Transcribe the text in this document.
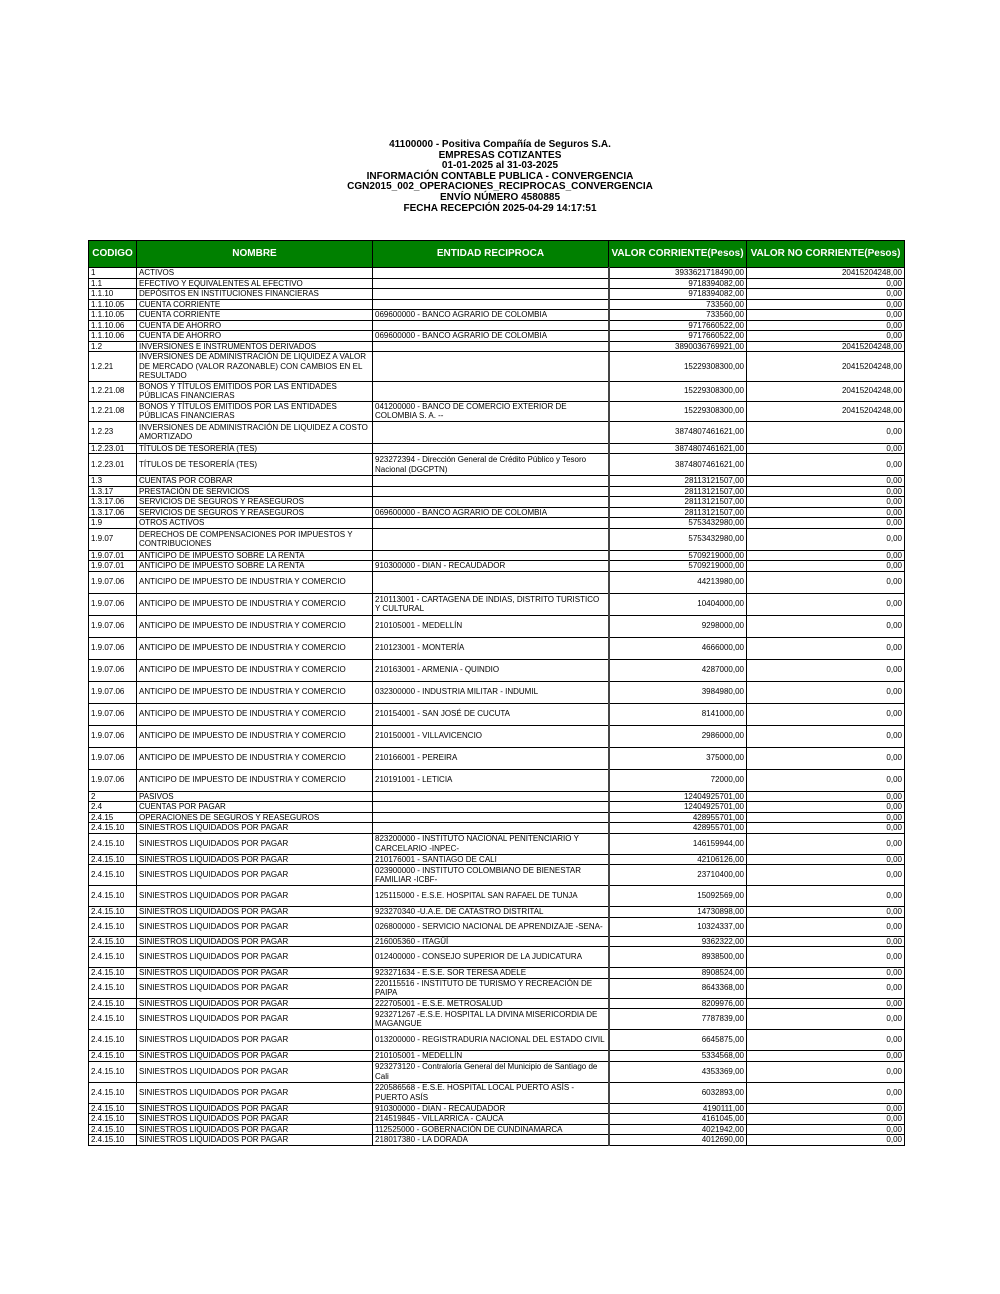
41100000 - Positiva Compañía de Seguros S.A.
EMPRESAS COTIZANTES
01-01-2025 al 31-03-2025
INFORMACIÓN CONTABLE PUBLICA - CONVERGENCIA
CGN2015_002_OPERACIONES_RECIPROCAS_CONVERGENCIA
ENVÍO NÚMERO 4580885
FECHA RECEPCIÓN 2025-04-29 14:17:51
CODIGO	NOMBRE	ENTIDAD RECIPROCA	VALOR CORRIENTE(Pesos)	VALOR NO CORRIENTE(Pesos)
1	ACTIVOS		3933621718490,00	20415204248,00
1.1	EFECTIVO Y EQUIVALENTES AL EFECTIVO		9718394082,00	0,00
1.1.10	DEPÓSITOS EN INSTITUCIONES FINANCIERAS		9718394082,00	0,00
1.1.10.05	CUENTA CORRIENTE		733560,00	0,00
1.1.10.05	CUENTA CORRIENTE	069600000 - BANCO AGRARIO DE COLOMBIA	733560,00	0,00
1.1.10.06	CUENTA DE AHORRO		9717660522,00	0,00
1.1.10.06	CUENTA DE AHORRO	069600000 - BANCO AGRARIO DE COLOMBIA	9717660522,00	0,00
1.2	INVERSIONES E INSTRUMENTOS DERIVADOS		3890036769921,00	20415204248,00
1.2.21	INVERSIONES DE ADMINISTRACIÓN DE LIQUIDEZ A VALOR DE MERCADO (VALOR RAZONABLE) CON CAMBIOS EN EL RESULTADO		15229308300,00	20415204248,00
1.2.21.08	BONOS Y TÍTULOS EMITIDOS POR LAS ENTIDADES PÚBLICAS FINANCIERAS		15229308300,00	20415204248,00
1.2.21.08	BONOS Y TÍTULOS EMITIDOS POR LAS ENTIDADES PÚBLICAS FINANCIERAS	041200000 - BANCO DE COMERCIO EXTERIOR DE COLOMBIA S. A. --	15229308300,00	20415204248,00
1.2.23	INVERSIONES DE ADMINISTRACIÓN DE LIQUIDEZ A COSTO AMORTIZADO		3874807461621,00	0,00
1.2.23.01	TÍTULOS DE TESORERÍA (TES)		3874807461621,00	0,00
1.2.23.01	TÍTULOS DE TESORERÍA (TES)	923272394 - Dirección General de Crédito Público y Tesoro Nacional (DGCPTN)	3874807461621,00	0,00
1.3	CUENTAS POR COBRAR		28113121507,00	0,00
1.3.17	PRESTACIÓN DE SERVICIOS		28113121507,00	0,00
1.3.17.06	SERVICIOS DE SEGUROS Y REASEGUROS		28113121507,00	0,00
1.3.17.06	SERVICIOS DE SEGUROS Y REASEGUROS	069600000 - BANCO AGRARIO DE COLOMBIA	28113121507,00	0,00
1.9	OTROS ACTIVOS		5753432980,00	0,00
1.9.07	DERECHOS DE COMPENSACIONES POR IMPUESTOS Y CONTRIBUCIONES		5753432980,00	0,00
1.9.07.01	ANTICIPO DE IMPUESTO SOBRE LA RENTA		5709219000,00	0,00
1.9.07.01	ANTICIPO DE IMPUESTO SOBRE LA RENTA	910300000 - DIAN - RECAUDADOR	5709219000,00	0,00
1.9.07.06	ANTICIPO DE IMPUESTO DE INDUSTRIA Y COMERCIO		44213980,00	0,00
1.9.07.06	ANTICIPO DE IMPUESTO DE INDUSTRIA Y COMERCIO	210113001 - CARTAGENA DE INDIAS, DISTRITO TURISTICO Y CULTURAL	10404000,00	0,00
1.9.07.06	ANTICIPO DE IMPUESTO DE INDUSTRIA Y COMERCIO	210105001 - MEDELLÍN	9298000,00	0,00
1.9.07.06	ANTICIPO DE IMPUESTO DE INDUSTRIA Y COMERCIO	210123001 - MONTERÍA	4666000,00	0,00
1.9.07.06	ANTICIPO DE IMPUESTO DE INDUSTRIA Y COMERCIO	210163001 - ARMENIA - QUINDIO	4287000,00	0,00
1.9.07.06	ANTICIPO DE IMPUESTO DE INDUSTRIA Y COMERCIO	032300000 - INDUSTRIA MILITAR - INDUMIL	3984980,00	0,00
1.9.07.06	ANTICIPO DE IMPUESTO DE INDUSTRIA Y COMERCIO	210154001 - SAN JOSÉ DE CUCUTA	8141000,00	0,00
1.9.07.06	ANTICIPO DE IMPUESTO DE INDUSTRIA Y COMERCIO	210150001 - VILLAVICENCIO	2986000,00	0,00
1.9.07.06	ANTICIPO DE IMPUESTO DE INDUSTRIA Y COMERCIO	210166001 - PEREIRA	375000,00	0,00
1.9.07.06	ANTICIPO DE IMPUESTO DE INDUSTRIA Y COMERCIO	210191001 - LETICIA	72000,00	0,00
2	PASIVOS		12404925701,00	0,00
2.4	CUENTAS POR PAGAR		12404925701,00	0,00
2.4.15	OPERACIONES DE SEGUROS Y REASEGUROS		428955701,00	0,00
2.4.15.10	SINIESTROS LIQUIDADOS POR PAGAR		428955701,00	0,00
2.4.15.10	SINIESTROS LIQUIDADOS POR PAGAR	823200000 - INSTITUTO NACIONAL PENITENCIARIO Y CARCELARIO -INPEC-	146159944,00	0,00
2.4.15.10	SINIESTROS LIQUIDADOS POR PAGAR	210176001 - SANTIAGO DE CALI	42106126,00	0,00
2.4.15.10	SINIESTROS LIQUIDADOS POR PAGAR	023900000 - INSTITUTO COLOMBIANO DE BIENESTAR FAMILIAR -ICBF-	23710400,00	0,00
2.4.15.10	SINIESTROS LIQUIDADOS POR PAGAR	125115000 - E.S.E. HOSPITAL SAN RAFAEL DE TUNJA	15092569,00	0,00
2.4.15.10	SINIESTROS LIQUIDADOS POR PAGAR	923270340 -U.A.E. DE CATASTRO DISTRITAL	14730898,00	0,00
2.4.15.10	SINIESTROS LIQUIDADOS POR PAGAR	026800000 - SERVICIO NACIONAL DE APRENDIZAJE -SENA-	10324337,00	0,00
2.4.15.10	SINIESTROS LIQUIDADOS POR PAGAR	216005360 - ITAGÜÍ	9362322,00	0,00
2.4.15.10	SINIESTROS LIQUIDADOS POR PAGAR	012400000 - CONSEJO SUPERIOR DE LA JUDICATURA	8938500,00	0,00
2.4.15.10	SINIESTROS LIQUIDADOS POR PAGAR	923271634 - E.S.E. SOR TERESA ADELE	8908524,00	0,00
2.4.15.10	SINIESTROS LIQUIDADOS POR PAGAR	220115516 - INSTITUTO DE TURISMO Y RECREACIÓN DE PAIPA	8643368,00	0,00
2.4.15.10	SINIESTROS LIQUIDADOS POR PAGAR	222705001 - E.S.E. METROSALUD	8209976,00	0,00
2.4.15.10	SINIESTROS LIQUIDADOS POR PAGAR	923271267 -E.S.E. HOSPITAL LA DIVINA MISERICORDIA DE MAGANGUE	7787839,00	0,00
2.4.15.10	SINIESTROS LIQUIDADOS POR PAGAR	013200000 - REGISTRADURIA NACIONAL DEL ESTADO CIVIL	6645875,00	0,00
2.4.15.10	SINIESTROS LIQUIDADOS POR PAGAR	210105001 - MEDELLÍN	5334568,00	0,00
2.4.15.10	SINIESTROS LIQUIDADOS POR PAGAR	923273120 - Contraloría General del Municipio de Santiago de Cali	4353369,00	0,00
2.4.15.10	SINIESTROS LIQUIDADOS POR PAGAR	220586568 - E.S.E. HOSPITAL LOCAL PUERTO ASÍS - PUERTO ASÍS	6032893,00	0,00
2.4.15.10	SINIESTROS LIQUIDADOS POR PAGAR	910300000 - DIAN - RECAUDADOR	4190111,00	0,00
2.4.15.10	SINIESTROS LIQUIDADOS POR PAGAR	214519845 - VILLARRICA - CAUCA	4161045,00	0,00
2.4.15.10	SINIESTROS LIQUIDADOS POR PAGAR	112525000 - GOBERNACIÓN DE CUNDINAMARCA	4021942,00	0,00
2.4.15.10	SINIESTROS LIQUIDADOS POR PAGAR	218017380 - LA DORADA	4012690,00	0,00
